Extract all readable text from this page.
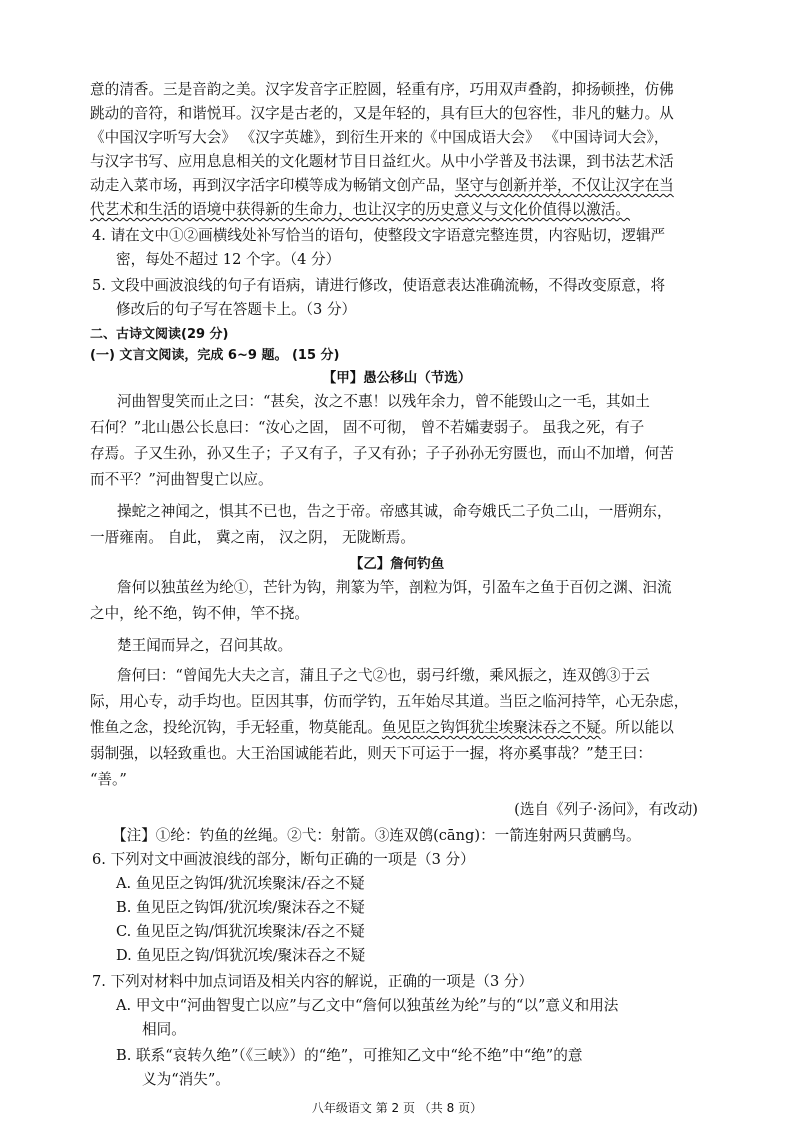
意的清香。三是音韵之美。汉字发音字正腔圆，轻重有序，巧用双声叠韵，抑扬顿挫，仿佛
跳动的音符，和谐悦耳。汉字是古老的，又是年轻的，具有巨大的包容性，非凡的魅力。从
《中国汉字听写大会》 《汉字英雄》，到衍生开来的《中国成语大会》 《中国诗词大会》，
与汉字书写、应用息息相关的文化题材节目日益红火。从中小学普及书法课，到书法艺术活
动走入菜市场，再到汉字活字印模等成为畅销文创产品，坚守与创新并举，不仅让汉字在当
代艺术和生活的语境中获得新的生命力，也让汉字的历史意义与文化价值得以激活。
4. 请在文中①②画横线处补写恰当的语句，使整段文字语意完整连贯，内容贴切，逻辑严
密，每处不超过 12 个字。（4 分）
5. 文段中画波浪线的句子有语病，请进行修改，使语意表达准确流畅，不得改变原意，将
修改后的句子写在答题卡上。（3 分）
二、古诗文阅读(29 分)
(一) 文言文阅读，完成 6~9 题。 (15 分)
【甲】愚公移山（节选）
河曲智叟笑而止之曰：“甚矣，汝之不惠！以残年余力，曾不能毁山之一毛，其如土
石何？”北山愚公长息曰：“汝心之固， 固不可彻， 曾不若孀妻弱子。 虽我之死，有子
存焉。子又生孙，孙又生子；子又有子，子又有孙；子子孙孙无穷匮也，而山不加增，何苦
而不平？”河曲智叟亡以应。
操蛇之神闻之，惧其不已也，告之于帝。帝感其诚，命夸娥氏二子负二山，一厝朔东，
一厝雍南。 自此， 冀之南， 汉之阴， 无陇断焉。
【乙】詹何钓鱼
詹何以独茧丝为纶①，芒针为钩，荆篆为竿，剖粒为饵，引盈车之鱼于百仞之渊、汩流
之中，纶不绝，钩不伸，竿不挠。
楚王闻而异之，召问其故。
詹何曰：“曾闻先大夫之言，蒲且子之弋②也，弱弓纤缴，乘风振之，连双鸧③于云
际，用心专，动手均也。臣因其事，仿而学钓，五年始尽其道。当臣之临河持竿，心无杂虑，
惟鱼之念，投纶沉钩，手无轻重，物莫能乱。鱼见臣之钩饵犹尘埃聚沫吞之不疑。所以能以
弱制强，以轻致重也。大王治国诚能若此，则天下可运于一握，将亦奚事哉？”楚王曰：
“善。”
(选自《列子·汤问》，有改动)
【注】①纶：钓鱼的丝绳。②弋：射箭。③连双鸧(cāng)：一箭连射两只黄鹂鸟。
6. 下列对文中画波浪线的部分，断句正确的一项是（3 分）
A. 鱼见臣之钩饵/犹沉埃聚沫/吞之不疑
B. 鱼见臣之钩饵/犹沉埃/聚沫吞之不疑
C. 鱼见臣之钩/饵犹沉埃聚沫/吞之不疑
D. 鱼见臣之钩/饵犹沉埃/聚沫吞之不疑
7. 下列对材料中加点词语及相关内容的解说，正确的一项是（3 分）
A. 甲文中“河曲智叟亡以应”与乙文中“詹何以独茧丝为纶”与的“以”意义和用法
相同。
B. 联系“哀转久绝”（《三峡》）的“绝”，可推知乙文中“纶不绝”中“绝”的意
义为“消失”。
八年级语文 第 2 页 （共 8 页）
